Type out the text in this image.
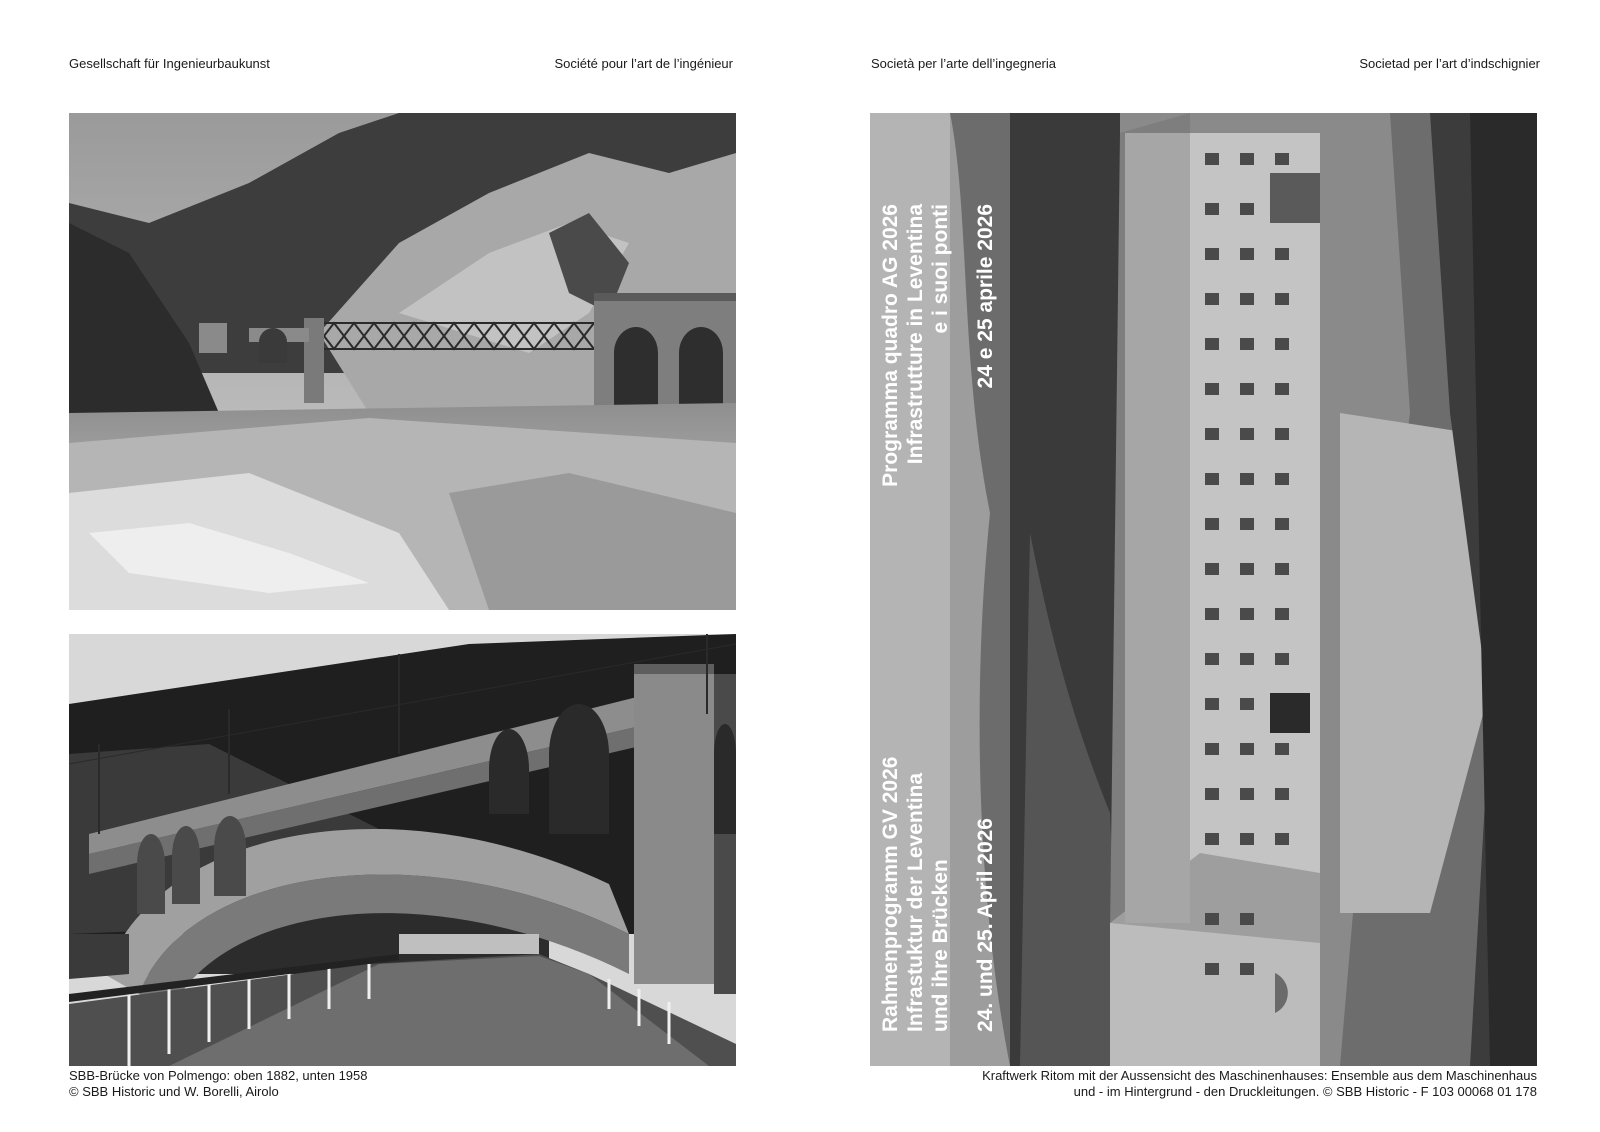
Gesellschaft für Ingenieurbaukunst	Société pour l’art de l’ingénieur	Società per l’arte dell’ingegneria	Societad per l’art d’indschignier
SBB-Brücke von Polmengo: oben 1882, unten 1958
© SBB Historic und W. Borelli, Airolo
Rahmenprogramm GV 2026 Infrastuktur der Leventina und ihre Brücken 24. und 25. April 2026
Programma quadro AG 2026 Infrastrutture in Leventina e i suoi ponti 24 e 25 aprile 2026
Kraftwerk Ritom mit der Aussensicht des Maschinenhauses: Ensemble aus dem Maschinenhaus
und - im Hintergrund - den Druckleitungen. © SBB Historic - F 103 00068 01 178
